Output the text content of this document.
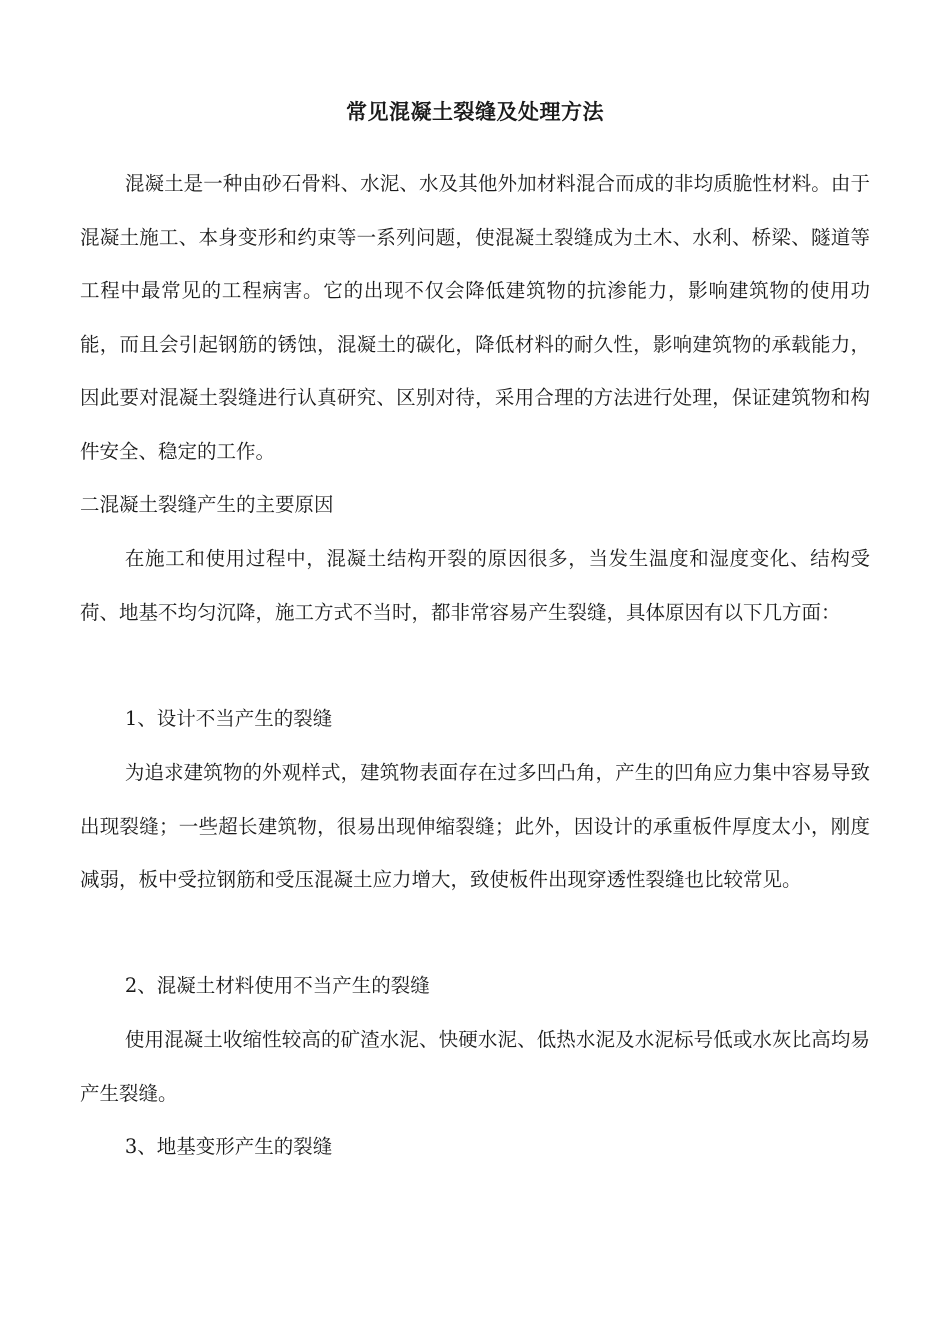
常见混凝土裂缝及处理方法

混凝土是一种由砂石骨料、水泥、水及其他外加材料混合而成的非均质脆性材料。由于混凝土施工、本身变形和约束等一系列问题，使混凝土裂缝成为土木、水利、桥梁、隧道等工程中最常见的工程病害。它的出现不仅会降低建筑物的抗渗能力，影响建筑物的使用功能，而且会引起钢筋的锈蚀，混凝土的碳化，降低材料的耐久性，影响建筑物的承载能力，因此要对混凝土裂缝进行认真研究、区别对待，采用合理的方法进行处理，保证建筑物和构件安全、稳定的工作。

二混凝土裂缝产生的主要原因

在施工和使用过程中，混凝土结构开裂的原因很多，当发生温度和湿度变化、结构受荷、地基不均匀沉降，施工方式不当时，都非常容易产生裂缝，具体原因有以下几方面：

1、设计不当产生的裂缝

为追求建筑物的外观样式，建筑物表面存在过多凹凸角，产生的凹角应力集中容易导致出现裂缝；一些超长建筑物，很易出现伸缩裂缝；此外，因设计的承重板件厚度太小，刚度减弱，板中受拉钢筋和受压混凝土应力增大，致使板件出现穿透性裂缝也比较常见。

2、混凝土材料使用不当产生的裂缝

使用混凝土收缩性较高的矿渣水泥、快硬水泥、低热水泥及水泥标号低或水灰比高均易产生裂缝。

3、地基变形产生的裂缝
